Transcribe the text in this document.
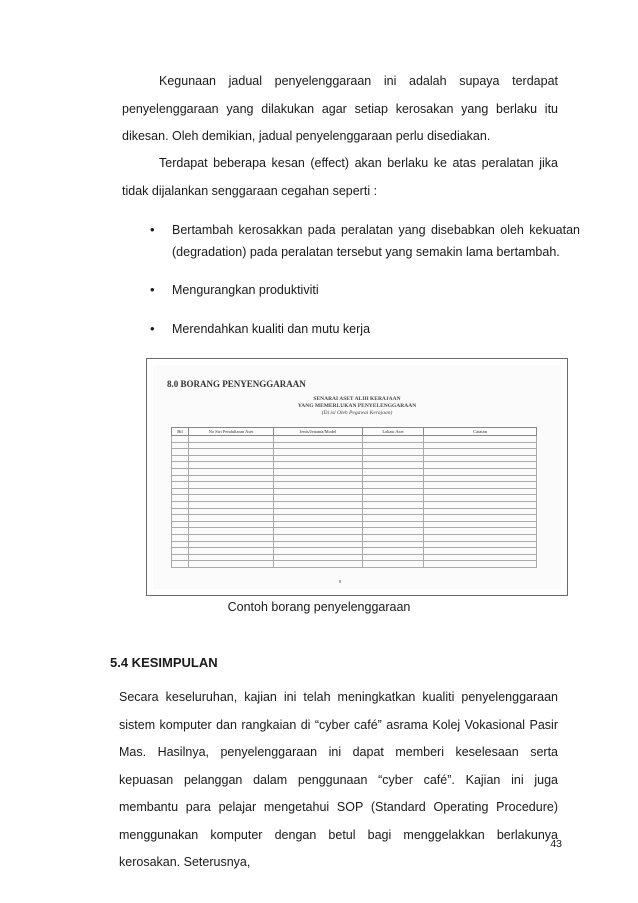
Kegunaan jadual penyelenggaraan ini adalah supaya terdapat penyelenggaraan yang dilakukan agar setiap kerosakan yang berlaku itu dikesan. Oleh demikian, jadual penyelenggaraan perlu disediakan.

Terdapat beberapa kesan (effect) akan berlaku ke atas peralatan jika tidak dijalankan senggaraan cegahan seperti :

• Bertambah kerosakkan pada peralatan yang disebabkan oleh kekuatan (degradation) pada peralatan tersebut yang semakin lama bertambah.
• Mengurangkan produktiviti
• Merendahkan kualiti dan mutu kerja
8.0 BORANG PENYENGGARAAN
SENARAI ASET ALIH KERAJAAN
YANG MEMERLUKAN PENYELENGGARAAN
(Di isi Oleh Pegawai Kerajaan)
Bil	No Siri Pendaftaran Aset	Jenis/Jenama/Model	Lokasi Aset	Catatan

8

Contoh borang penyelenggaraan

5.4 KESIMPULAN

Secara keseluruhan, kajian ini telah meningkatkan kualiti penyelenggaraan sistem komputer dan rangkaian di “cyber café” asrama Kolej Vokasional Pasir Mas. Hasilnya, penyelenggaraan ini dapat memberi keselesaan serta kepuasan pelanggan dalam penggunaan “cyber café”. Kajian ini juga membantu para pelajar mengetahui SOP (Standard Operating Procedure) menggunakan komputer dengan betul bagi menggelakkan berlakunya kerosakan. Seterusnya,

43
